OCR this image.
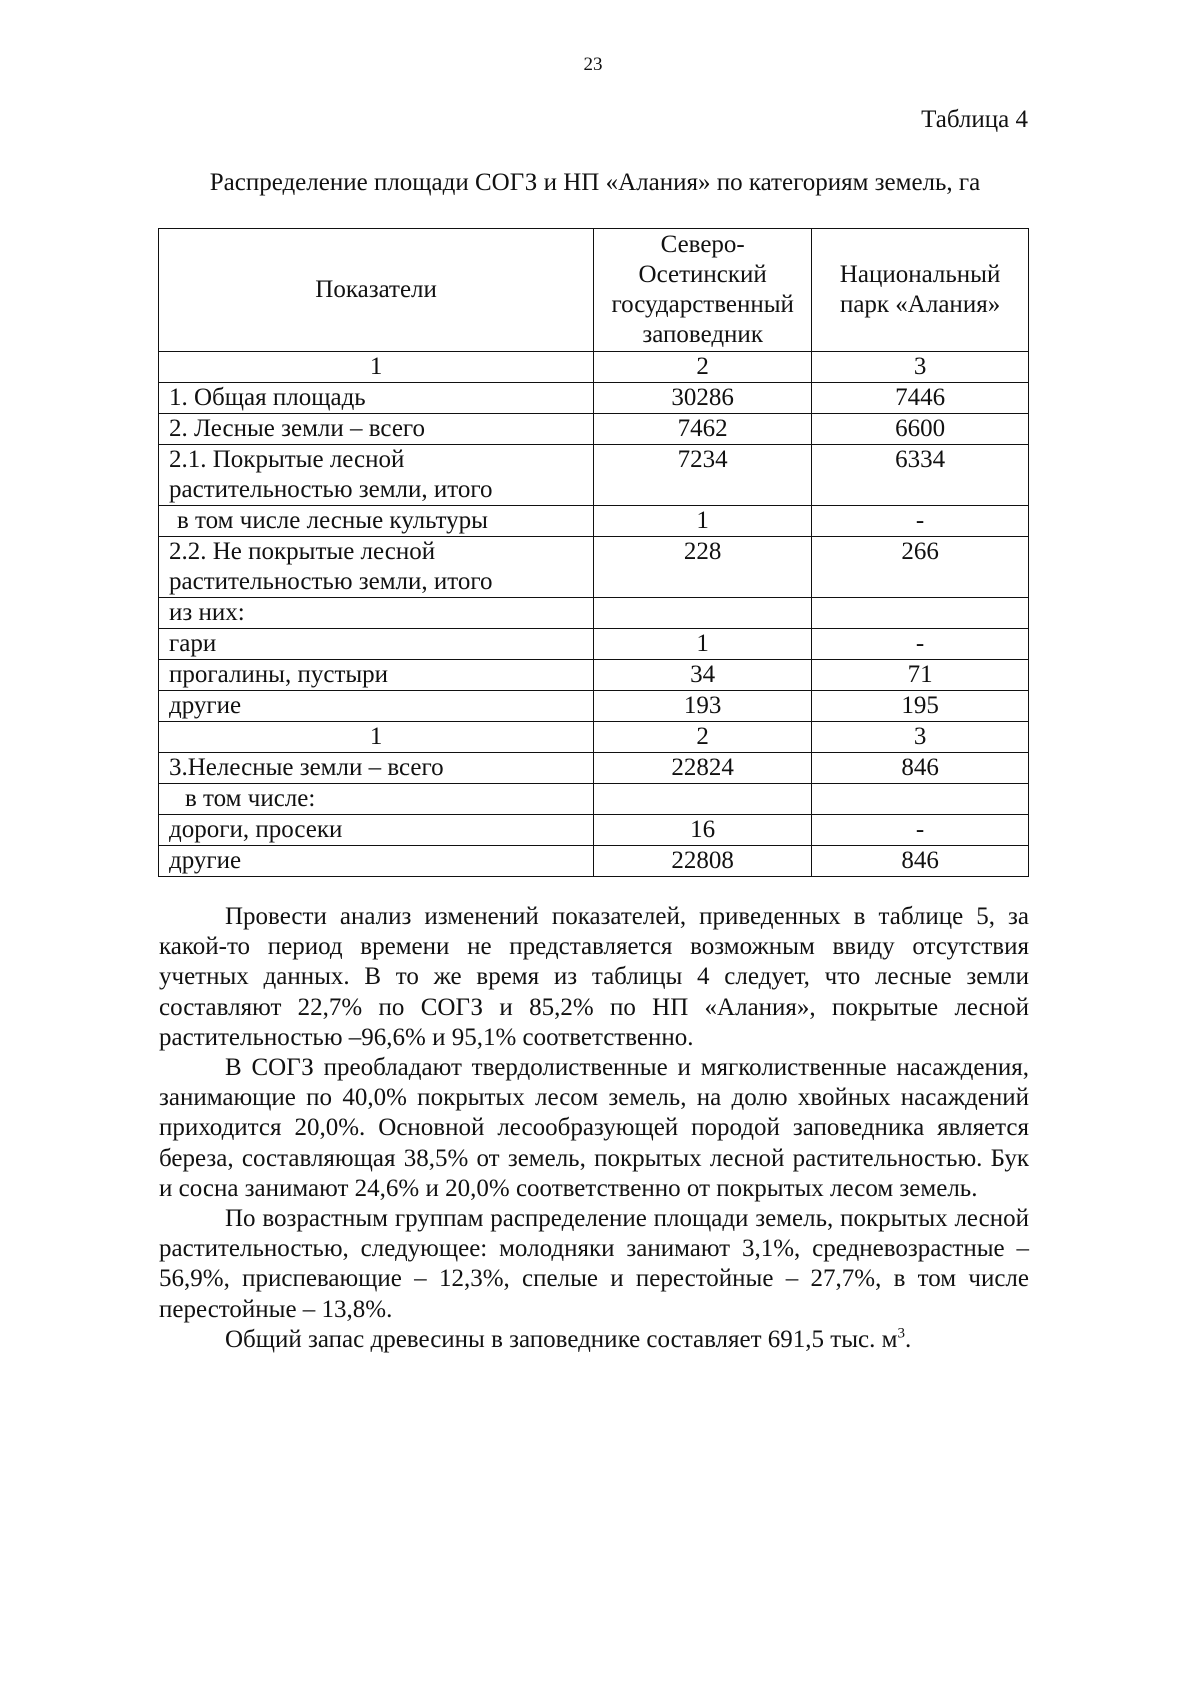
23
Таблица 4
Распределение площади СОГЗ и НП «Алания» по категориям земель, га
Показатели	Северо-Осетинский государственный заповедник	Национальный парк «Алания»
1	2	3
1. Общая площадь	30286	7446
2. Лесные земли – всего	7462	6600
2.1. Покрытые лесной растительностью земли, итого	7234	6334
в том числе лесные культуры	1	-
2.2. Не покрытые лесной растительностью земли, итого	228	266
из них:		
гари	1	-
прогалины, пустыри	34	71
другие	193	195
1	2	3
3.Нелесные земли – всего	22824	846
в том числе:		
дороги, просеки	16	-
другие	22808	846

Провести анализ изменений показателей, приведенных в таблице 5, за какой-то период времени не представляется возможным ввиду отсутствия учетных данных. В то же время из таблицы 4 следует, что лесные земли составляют 22,7% по СОГЗ и 85,2% по НП «Алания», покрытые лесной растительностью –96,6% и 95,1% соответственно.

В СОГЗ преобладают твердолиственные и мягколиственные насаждения, занимающие по 40,0% покрытых лесом земель, на долю хвойных насаждений приходится 20,0%. Основной лесообразующей породой заповедника является береза, составляющая 38,5% от земель, покрытых лесной растительностью. Бук и сосна занимают 24,6% и 20,0% соответственно от покрытых лесом земель.

По возрастным группам распределение площади земель, покрытых лесной растительностью, следующее: молодняки занимают 3,1%, средневозрастные – 56,9%, приспевающие – 12,3%, спелые и перестойные – 27,7%, в том числе перестойные – 13,8%.

Общий запас древесины в заповеднике составляет 691,5 тыс. $м^3$.
